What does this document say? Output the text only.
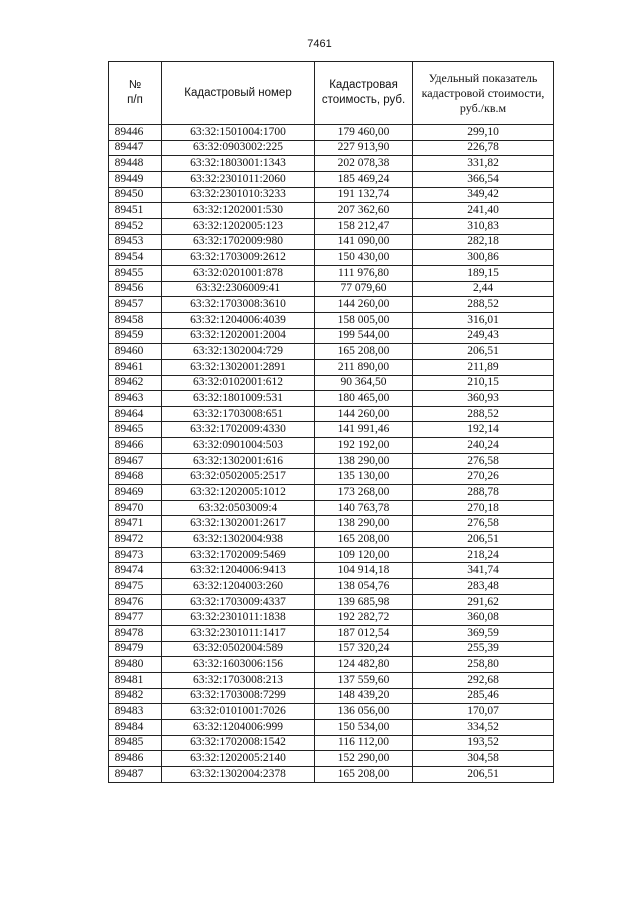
7461
№
п/п	Кадастровый номер	Кадастровая стоимость, руб.	Удельный показатель кадастровой стоимости, руб./кв.м
89446	63:32:1501004:1700	179 460,00	299,10
89447	63:32:0903002:225	227 913,90	226,78
89448	63:32:1803001:1343	202 078,38	331,82
89449	63:32:2301011:2060	185 469,24	366,54
89450	63:32:2301010:3233	191 132,74	349,42
89451	63:32:1202001:530	207 362,60	241,40
89452	63:32:1202005:123	158 212,47	310,83
89453	63:32:1702009:980	141 090,00	282,18
89454	63:32:1703009:2612	150 430,00	300,86
89455	63:32:0201001:878	111 976,80	189,15
89456	63:32:2306009:41	77 079,60	2,44
89457	63:32:1703008:3610	144 260,00	288,52
89458	63:32:1204006:4039	158 005,00	316,01
89459	63:32:1202001:2004	199 544,00	249,43
89460	63:32:1302004:729	165 208,00	206,51
89461	63:32:1302001:2891	211 890,00	211,89
89462	63:32:0102001:612	90 364,50	210,15
89463	63:32:1801009:531	180 465,00	360,93
89464	63:32:1703008:651	144 260,00	288,52
89465	63:32:1702009:4330	141 991,46	192,14
89466	63:32:0901004:503	192 192,00	240,24
89467	63:32:1302001:616	138 290,00	276,58
89468	63:32:0502005:2517	135 130,00	270,26
89469	63:32:1202005:1012	173 268,00	288,78
89470	63:32:0503009:4	140 763,78	270,18
89471	63:32:1302001:2617	138 290,00	276,58
89472	63:32:1302004:938	165 208,00	206,51
89473	63:32:1702009:5469	109 120,00	218,24
89474	63:32:1204006:9413	104 914,18	341,74
89475	63:32:1204003:260	138 054,76	283,48
89476	63:32:1703009:4337	139 685,98	291,62
89477	63:32:2301011:1838	192 282,72	360,08
89478	63:32:2301011:1417	187 012,54	369,59
89479	63:32:0502004:589	157 320,24	255,39
89480	63:32:1603006:156	124 482,80	258,80
89481	63:32:1703008:213	137 559,60	292,68
89482	63:32:1703008:7299	148 439,20	285,46
89483	63:32:0101001:7026	136 056,00	170,07
89484	63:32:1204006:999	150 534,00	334,52
89485	63:32:1702008:1542	116 112,00	193,52
89486	63:32:1202005:2140	152 290,00	304,58
89487	63:32:1302004:2378	165 208,00	206,51
